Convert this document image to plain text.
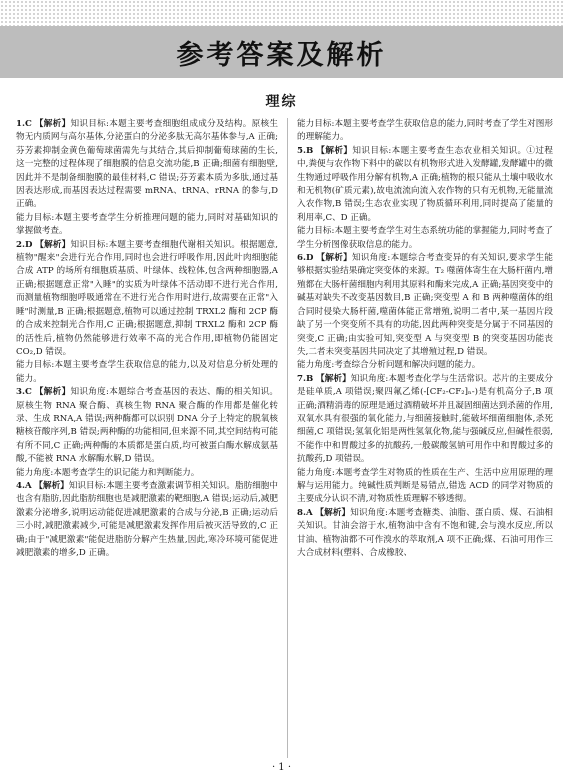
参考答案及解析
理综

1.C 【解析】知识目标:本题主要考查细胞组成成分及结构。原核生物无内质网与高尔基体,分泌蛋白的分泌多肽无高尔基体参与,A 正确;芬芳素抑制金黄色葡萄球菌需先与其结合,其后抑制葡萄球菌的生长,这一完整的过程体现了细胞膜的信息交流功能,B 正确;细菌有细胞壁,因此并不是制备细胞膜的最佳材料,C 错误;芬芳素本质为多肽,通过基因表达形成,而基因表达过程需要 mRNA、tRNA、rRNA 的参与,D 正确。

能力目标:本题主要考查学生分析推理问题的能力,同时对基础知识的掌握做考查。

2.D 【解析】知识目标:本题主要考查细胞代谢相关知识。根据题意,植物"醒来"会进行光合作用,同时也会进行呼吸作用,因此叶肉细胞能合成 ATP 的场所有细胞质基质、叶绿体、线粒体,包含两种细胞器,A 正确;根据题意正常"入睡"的实质为叶绿体不活动即不进行光合作用,而测量植物细胞呼吸通常在不进行光合作用时进行,故需要在正常"入睡"时测量,B 正确;根据题意,植物可以通过控制 TRXL2 酶和 2CP 酶的合成来控制光合作用,C 正确;根据题意,抑制 TRXL2 酶和 2CP 酶的活性后,植物仍然能够进行效率不高的光合作用,即植物仍能固定 CO₂,D 错误。

能力目标:本题主要考查学生获取信息的能力,以及对信息分析处理的能力。

3.C 【解析】知识角度:本题综合考查基因的表达、酶的相关知识。原核生物 RNA 聚合酶、真核生物 RNA 聚合酶的作用都是催化转录、生成 RNA,A 错误;两种酶都可以识别 DNA 分子上特定的脱氧核糖核苷酸序列,B 错误;两种酶的功能相同,但来源不同,其空间结构可能有所不同,C 正确;两种酶的本质都是蛋白质,均可被蛋白酶水解成氨基酸,不能被 RNA 水解酶水解,D 错误。

能力角度:本题考查学生的识记能力和判断能力。

4.A 【解析】知识目标:本题主要考查激素调节相关知识。脂肪细胞中也含有脂肪,因此脂肪细胞也是减肥激素的靶细胞,A 错误;运动后,减肥激素分泌增多,说明运动能促进减肥激素的合成与分泌,B 正确;运动后三小时,减肥激素减少,可能是减肥激素发挥作用后被灭活导致的,C 正确;由于"减肥激素"能促进脂肪分解产生热量,因此,寒冷环境可能促进减肥激素的增多,D 正确。

能力目标:本题主要考查学生获取信息的能力,同时考查了学生对图形的理解能力。

5.B 【解析】知识目标:本题主要考查生态农业相关知识。①过程中,粪便与农作物下料中的碳以有机物形式进入发酵罐,发酵罐中的微生物通过呼吸作用分解有机物,A 正确;植物的根只能从土壤中吸收水和无机物(矿质元素),故电流流向流入农作物的只有无机物,无能量流入农作物,B 错误;生态农业实现了物质循环利用,同时提高了能量的利用率,C、D 正确。

能力目标:本题主要考查学生对生态系统功能的掌握能力,同时考查了学生分析图像获取信息的能力。

6.D 【解析】知识角度:本题综合考查变异的有关知识,要求学生能够根据实验结果确定突变体的来源。T₂ 噬菌体寄生在大肠杆菌内,增殖都在大肠杆菌细胞内利用其原料和酶来完成,A 正确;基因突变中的碱基对缺失不改变基因数目,B 正确;突变型 A 和 B 两种噬菌体的组合同时侵染大肠杆菌,噬菌体能正常增殖,说明二者中,某一基因片段缺了另一个突变所不具有的功能,因此两种突变是分属于不同基因的突变,C 正确;由实验可知,突变型 A 与突变型 B 的突变基因功能丧失,二者未突变基因共同决定了其增殖过程,D 错误。

能力角度:考查综合分析问题和解决问题的能力。

7.B 【解析】知识角度:本题考查化学与生活常识。芯片的主要成分是硅单质,A 项错误;聚四氟乙烯(-[CF₂-CF₂]ₙ-)是有机高分子,B 项正确;酒精消毒的原理是通过酒精破坏并且凝固细菌达到杀菌的作用,双氧水具有很强的氧化能力,与细菌接触时,能破坏细菌细胞体,杀死细菌,C 项错误;氢氧化铝是两性氢氧化物,能与强碱反应,但碱性很弱,不能作中和胃酸过多的抗酸药,一般碳酸氢钠可用作中和胃酸过多的抗酸药,D 项错误。

能力角度:本题考查学生对物质的性质在生产、生活中应用原理的理解与运用能力。纯碱性质判断是易错点,错选 ACD 的同学对物质的主要成分认识不清,对物质性质理解不够透彻。

8.A 【解析】知识角度:本题考查糖类、油脂、蛋白质、煤、石油相关知识。甘油会溶于水,植物油中含有不饱和键,会与溴水反应,所以甘油、植物油都不可作溴水的萃取剂,A 项不正确;煤、石油可用作三大合成材料(塑料、合成橡胶、

· 1 ·
